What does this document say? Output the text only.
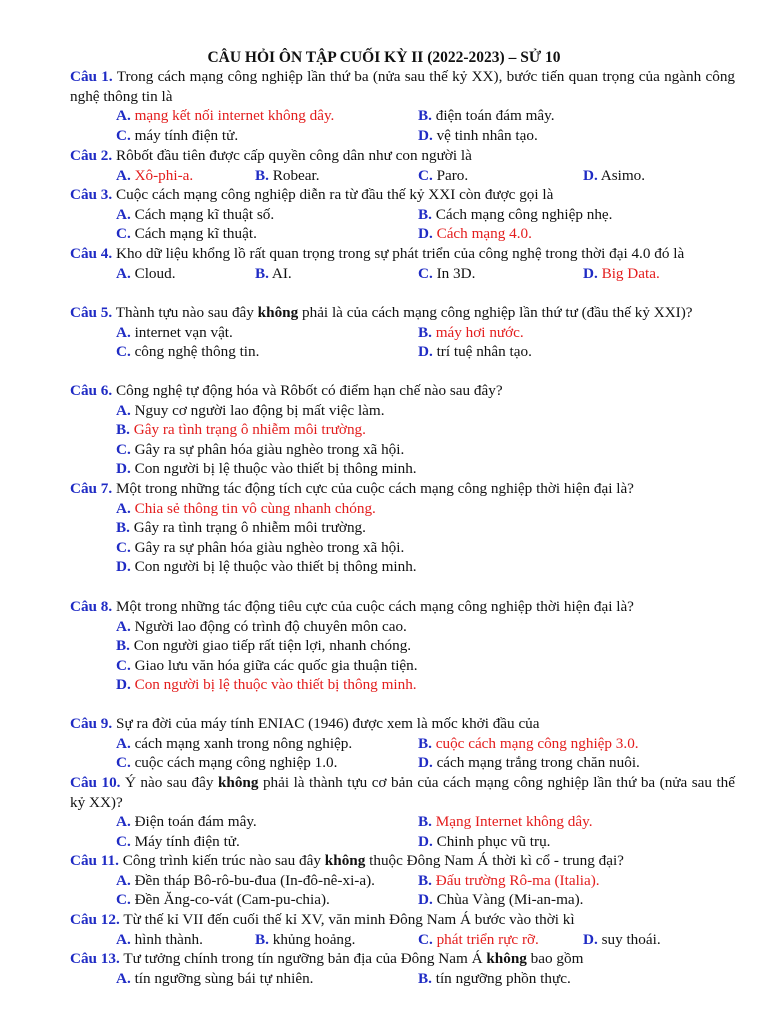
CÂU HỎI ÔN TẬP CUỐI KỲ II (2022-2023) – SỬ 10
Câu 1. Trong cách mạng công nghiệp lần thứ ba (nửa sau thế kỷ XX), bước tiến quan trọng của ngành công nghệ thông tin là
A. mạng kết nối internet không dây.	B. điện toán đám mây.
C. máy tính điện tử.	D. vệ tinh nhân tạo.
Câu 2. Rôbốt đầu tiên được cấp quyền công dân như con người là
A. Xô-phi-a.	B. Robear.	C. Paro.	D. Asimo.
Câu 3. Cuộc cách mạng công nghiệp diễn ra từ đầu thế kỷ XXI còn được gọi là
A. Cách mạng kĩ thuật số.	B. Cách mạng công nghiệp nhẹ.
C. Cách mạng kĩ thuật.	D. Cách mạng 4.0.
Câu 4. Kho dữ liệu khổng lồ rất quan trọng trong sự phát triển của công nghệ trong thời đại 4.0 đó là
A. Cloud.	B. AI.	C. In 3D.	D. Big Data.
Câu 5. Thành tựu nào sau đây không phải là của cách mạng công nghiệp lần thứ tư (đầu thế kỷ XXI)?
A. internet vạn vật.	B. máy hơi nước.
C. công nghệ thông tin.	D. trí tuệ nhân tạo.
Câu 6. Công nghệ tự động hóa và Rôbốt có điểm hạn chế nào sau đây?
A. Nguy cơ người lao động bị mất việc làm.
B. Gây ra tình trạng ô nhiễm môi trường.
C. Gây ra sự phân hóa giàu nghèo trong xã hội.
D. Con người bị lệ thuộc vào thiết bị thông minh.
Câu 7. Một trong những tác động tích cực của cuộc cách mạng công nghiệp thời hiện đại là?
A. Chia sẻ thông tin vô cùng nhanh chóng.
B. Gây ra tình trạng ô nhiễm môi trường.
C. Gây ra sự phân hóa giàu nghèo trong xã hội.
D. Con người bị lệ thuộc vào thiết bị thông minh.
Câu 8. Một trong những tác động tiêu cực của cuộc cách mạng công nghiệp thời hiện đại là?
A. Người lao động có trình độ chuyên môn cao.
B. Con người giao tiếp rất tiện lợi, nhanh chóng.
C. Giao lưu văn hóa giữa các quốc gia thuận tiện.
D. Con người bị lệ thuộc vào thiết bị thông minh.
Câu 9. Sự ra đời của máy tính ENIAC (1946) được xem là mốc khởi đầu của
A. cách mạng xanh trong nông nghiệp.	B. cuộc cách mạng công nghiệp 3.0.
C. cuộc cách mạng công nghiệp 1.0.	D. cách mạng trắng trong chăn nuôi.
Câu 10. Ý nào sau đây không phải là thành tựu cơ bản của cách mạng công nghiệp lần thứ ba (nửa sau thế kỷ XX)?
A. Điện toán đám mây.	B. Mạng Internet không dây.
C. Máy tính điện tử.	D. Chinh phục vũ trụ.
Câu 11. Công trình kiến trúc nào sau đây không thuộc Đông Nam Á thời kì cổ - trung đại?
A. Đền tháp Bô-rô-bu-đua (In-đô-nê-xi-a).	B. Đấu trường Rô-ma (Italia).
C. Đền Ăng-co-vát (Cam-pu-chia).	D. Chùa Vàng (Mi-an-ma).
Câu 12. Từ thế kỉ VII đến cuối thế kỉ XV, văn minh Đông Nam Á bước vào thời kì
A. hình thành.	B. khủng hoảng.	C. phát triển rực rỡ.	D. suy thoái.
Câu 13. Tư tưởng chính trong tín ngưỡng bản địa của Đông Nam Á không bao gồm
A. tín ngưỡng sùng bái tự nhiên.	B. tín ngưỡng phồn thực.
